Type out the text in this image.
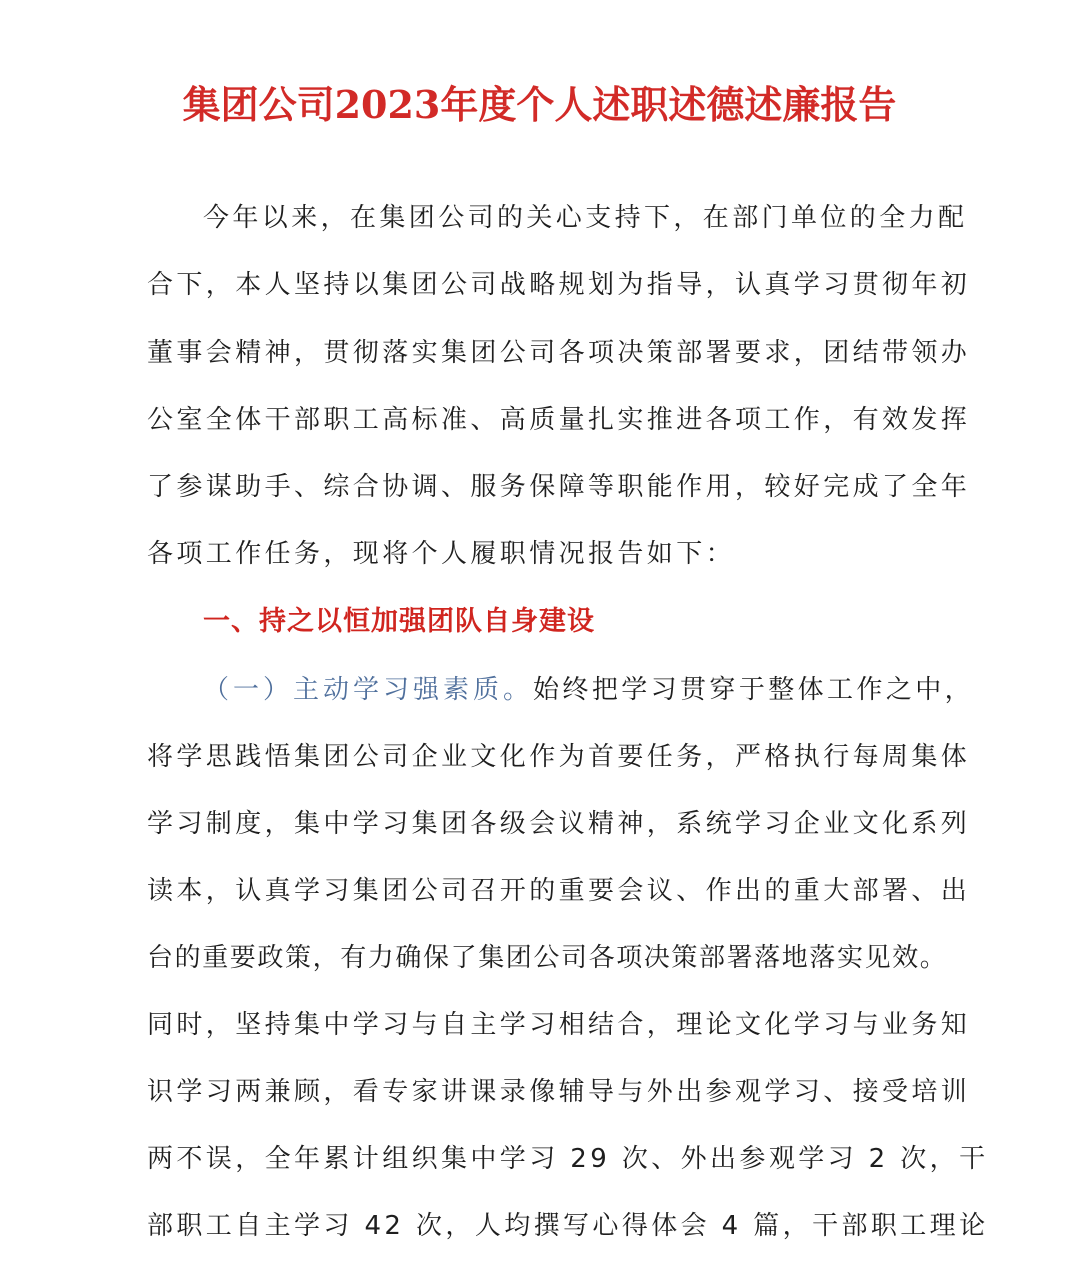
集团公司2023年度个人述职述德述廉报告
今年以来，在集团公司的关心支持下，在部门单位的全力配
合下，本人坚持以集团公司战略规划为指导，认真学习贯彻年初
董事会精神，贯彻落实集团公司各项决策部署要求，团结带领办
公室全体干部职工高标准、高质量扎实推进各项工作，有效发挥
了参谋助手、综合协调、服务保障等职能作用，较好完成了全年
各项工作任务，现将个人履职情况报告如下：
一、持之以恒加强团队自身建设
（一）主动学习强素质。始终把学习贯穿于整体工作之中，
将学思践悟集团公司企业文化作为首要任务，严格执行每周集体
学习制度，集中学习集团各级会议精神，系统学习企业文化系列
读本，认真学习集团公司召开的重要会议、作出的重大部署、出
台的重要政策，有力确保了集团公司各项决策部署落地落实见效。
同时，坚持集中学习与自主学习相结合，理论文化学习与业务知
识学习两兼顾，看专家讲课录像辅导与外出参观学习、接受培训
两不误，全年累计组织集中学习 29 次、外出参观学习 2 次，干
部职工自主学习 42 次，人均撰写心得体会 4 篇，干部职工理论
